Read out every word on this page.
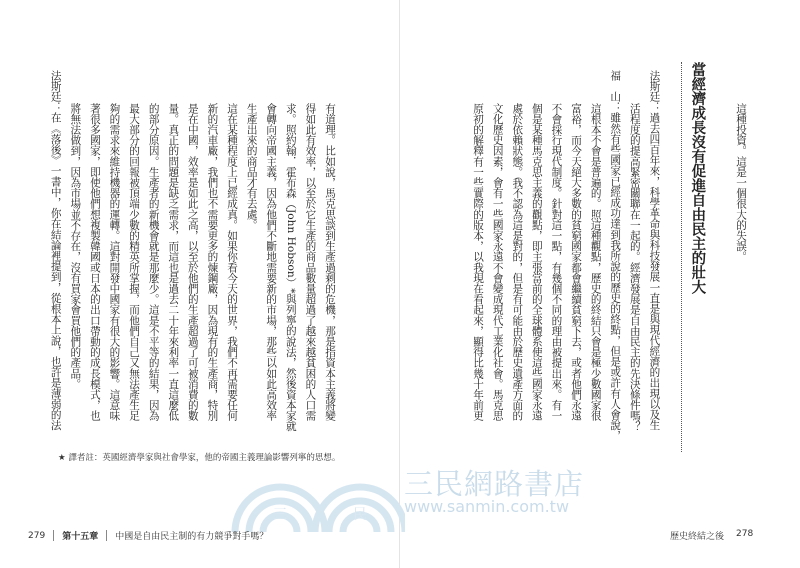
三	民
三民網路書店
www.sanmin.com.tw

這種投資。這是一個很大的失誤。

當經濟成長沒有促進自由民主的壯大

法斯廷：過去四百年來，科學革命與科技發展一直是與現代經濟的出現以及生

活程度的提高緊密關聯在一起的。經濟發展是自由民主的先決條件嗎？

福　山：雖然有些國家已經成功達到我所說的歷史的終點，但是或許有人會說，

這根本不會是普遍的。照這種觀點，歷史的終結只會是極少數國家很

富裕，而今天絕大多數的貧窮國家都會繼續貧窮下去，或者他們永遠

不會採行現代制度。針對這一點，有幾個不同的理由被提出來。有一

個是某種馬克思主義的觀點，即主張當前的全球體系使這些國家永遠

處於依賴狀態。我不認為這是對的，但是有可能由於歷史遺產方面的

文化歷史因素，會有一些國家永遠不會變成現代工業化社會。馬克思

原初的解釋有一些實際的版本，以我現在看起來，顯得比幾十年前更

有道理。比如說，馬克思談到生產過剩的危機，那是指資本主義將變

得如此有效率，以至於它生產的商品數量超過了越來越貧困的人口需

求。照約翰．霍布森（John Hobson）*與列寧的說法，然後資本家就

會轉向帝國主義，因為他們不斷地需要新的市場，那些以如此高效率

生產出來的商品才有去處。

這在某種程度上已經成真。如果你看今天的世界，我們不再需要任何

新的汽車廠，我們也不需要更多的煉鋼廠，因為現有的生產商，特別

是在中國，效率是如此之高，以至於他們的生產超過了可被消費的數

量。真正的問題是缺乏需求，而這也是過去二十年來利率一直這麼低

的部分原因。生產者的新機會就是那麼少。這是不平等的結果，因為

最大部分的回報被頂端少數的精英所掌握，而他們自己又無法產生足

夠的需求來維持機器的運轉。這對開發中國家有很大的影響。這意味

著很多國家，即使他們想複製韓國或日本的出口帶動的成長模式，也

將無法做到，因為市場並不存在，沒有買家會買他們的產品。

法斯廷：在《落後》一書中，你在結論裡提到，從根本上說，也許是薄弱的法

★ 譯者註：英國經濟學家與社會學家，他的帝國主義理論影響列寧的思想。
279 第十五章 中國是自由民主制的有力競爭對手嗎？	歷史終結之後 278
